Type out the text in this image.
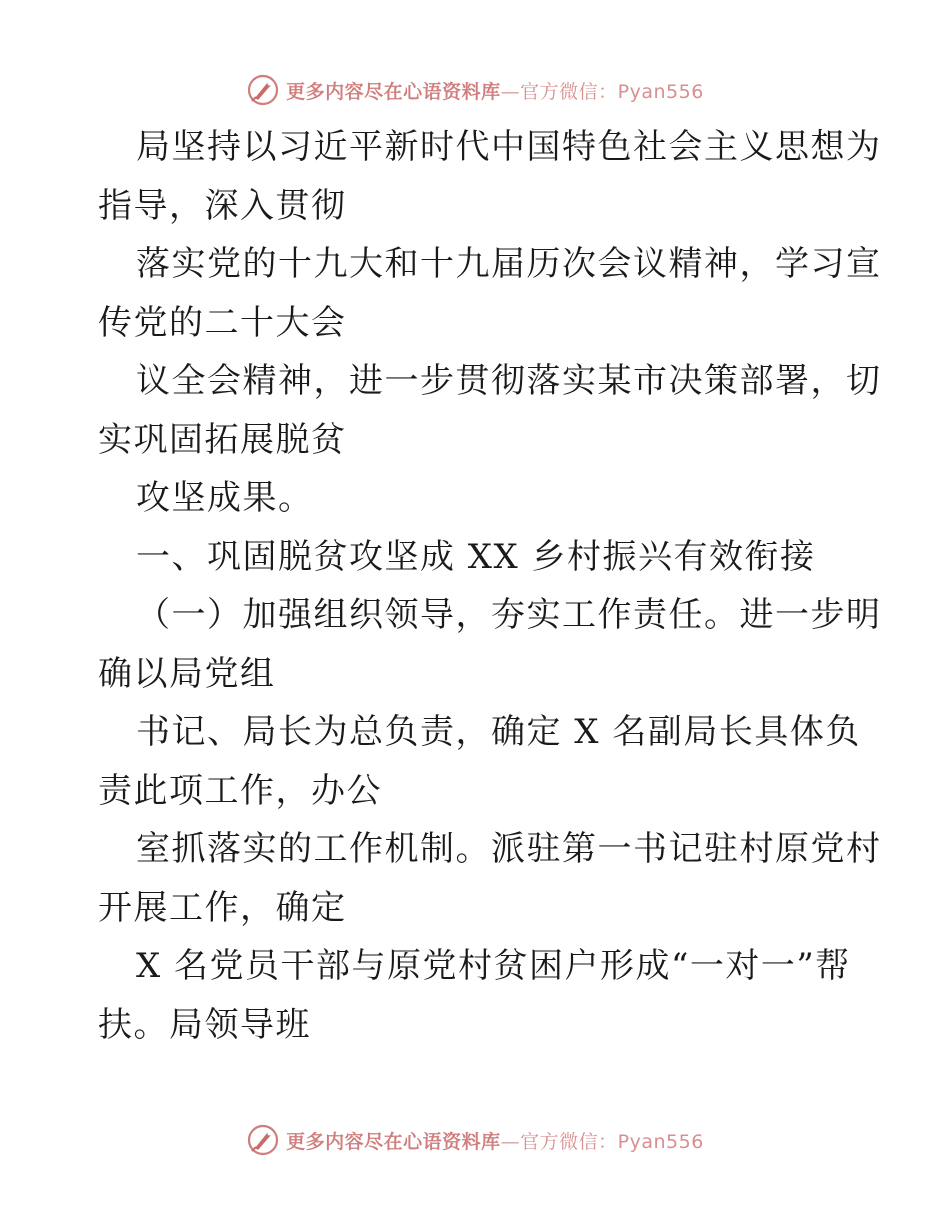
更多内容尽在心语资料库—官方微信：Pyan556

局坚持以习近平新时代中国特色社会主义思想为

指导，深入贯彻

落实党的十九大和十九届历次会议精神，学习宣

传党的二十大会

议全会精神，进一步贯彻落实某市决策部署，切

实巩固拓展脱贫

攻坚成果。

一、巩固脱贫攻坚成 XX 乡村振兴有效衔接

（一）加强组织领导，夯实工作责任。进一步明

确以局党组

书记、局长为总负责，确定 X 名副局长具体负

责此项工作，办公

室抓落实的工作机制。派驻第一书记驻村原党村

开展工作，确定

X 名党员干部与原党村贫困户形成“一对一”帮

扶。局领导班

更多内容尽在心语资料库—官方微信：Pyan556
